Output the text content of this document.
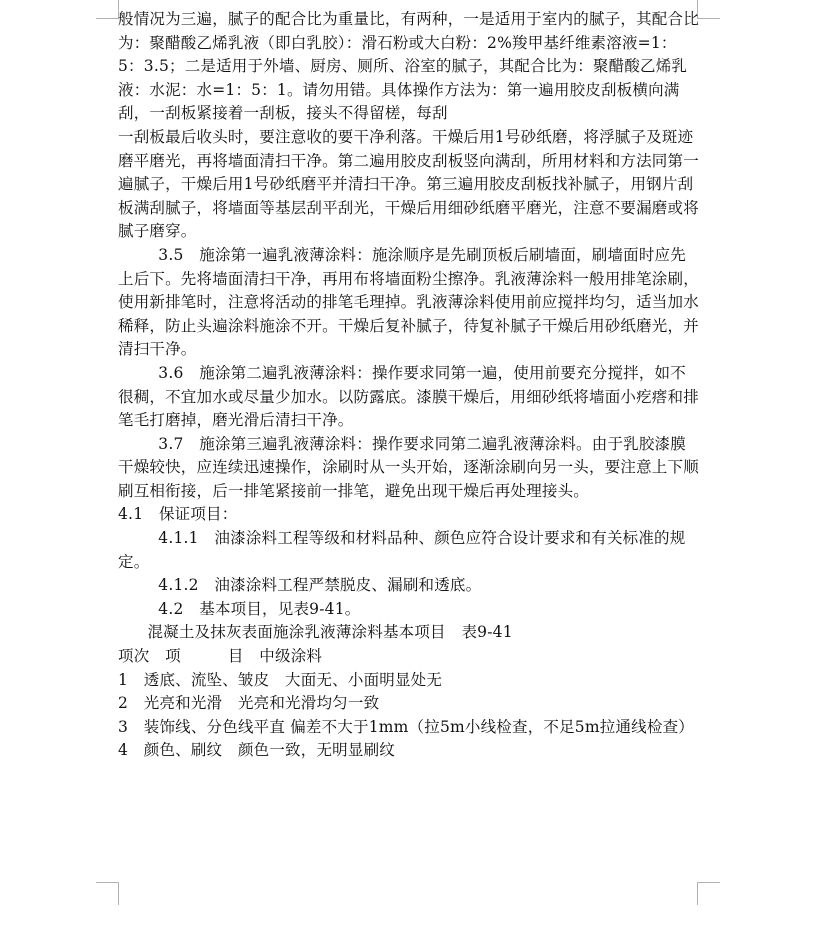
般情况为三遍，腻子的配合比为重量比，有两种，一是适用于室内的腻子，其配合比为：聚醋酸乙烯乳液（即白乳胶）：滑石粉或大白粉：2%羧甲基纤维素溶液=1：5：3.5；二是适用于外墙、厨房、厕所、浴室的腻子，其配合比为：聚醋酸乙烯乳液：水泥：水=1：5：1。请勿用错。具体操作方法为：第一遍用胶皮刮板横向满刮，一刮板紧接着一刮板，接头不得留槎，每刮

一刮板最后收头时，要注意收的要干净利落。干燥后用1号砂纸磨，将浮腻子及斑迹磨平磨光，再将墙面清扫干净。第二遍用胶皮刮板竖向满刮，所用材料和方法同第一遍腻子，干燥后用1号砂纸磨平并清扫干净。第三遍用胶皮刮板找补腻子，用钢片刮板满刮腻子，将墙面等基层刮平刮光，干燥后用细砂纸磨平磨光，注意不要漏磨或将腻子磨穿。

3.5　施涂第一遍乳液薄涂料：施涂顺序是先刷顶板后刷墙面，刷墙面时应先上后下。先将墙面清扫干净，再用布将墙面粉尘擦净。乳液薄涂料一般用排笔涂刷，使用新排笔时，注意将活动的排笔毛理掉。乳液薄涂料使用前应搅拌均匀，适当加水稀释，防止头遍涂料施涂不开。干燥后复补腻子，待复补腻子干燥后用砂纸磨光，并清扫干净。

3.6　施涂第二遍乳液薄涂料：操作要求同第一遍，使用前要充分搅拌，如不很稠，不宜加水或尽量少加水。以防露底。漆膜干燥后，用细砂纸将墙面小疙瘩和排笔毛打磨掉，磨光滑后清扫干净。

3.7　施涂第三遍乳液薄涂料：操作要求同第二遍乳液薄涂料。由于乳胶漆膜干燥较快，应连续迅速操作，涂刷时从一头开始，逐渐涂刷向另一头，要注意上下顺刷互相衔接，后一排笔紧接前一排笔，避免出现干燥后再处理接头。

4.1　保证项目：

4.1.1　油漆涂料工程等级和材料品种、颜色应符合设计要求和有关标准的规定。

4.1.2　油漆涂料工程严禁脱皮、漏刷和透底。

4.2　基本项目，见表9-41。

混凝土及抹灰表面施涂乳液薄涂料基本项目　表9-41

项次　项　　　目　中级涂料

1　透底、流坠、皱皮　大面无、小面明显处无

2　光亮和光滑　光亮和光滑均匀一致

3　装饰线、分色线平直 偏差不大于1mm（拉5m小线检查，不足5m拉通线检查）

4　颜色、刷纹　颜色一致，无明显刷纹
